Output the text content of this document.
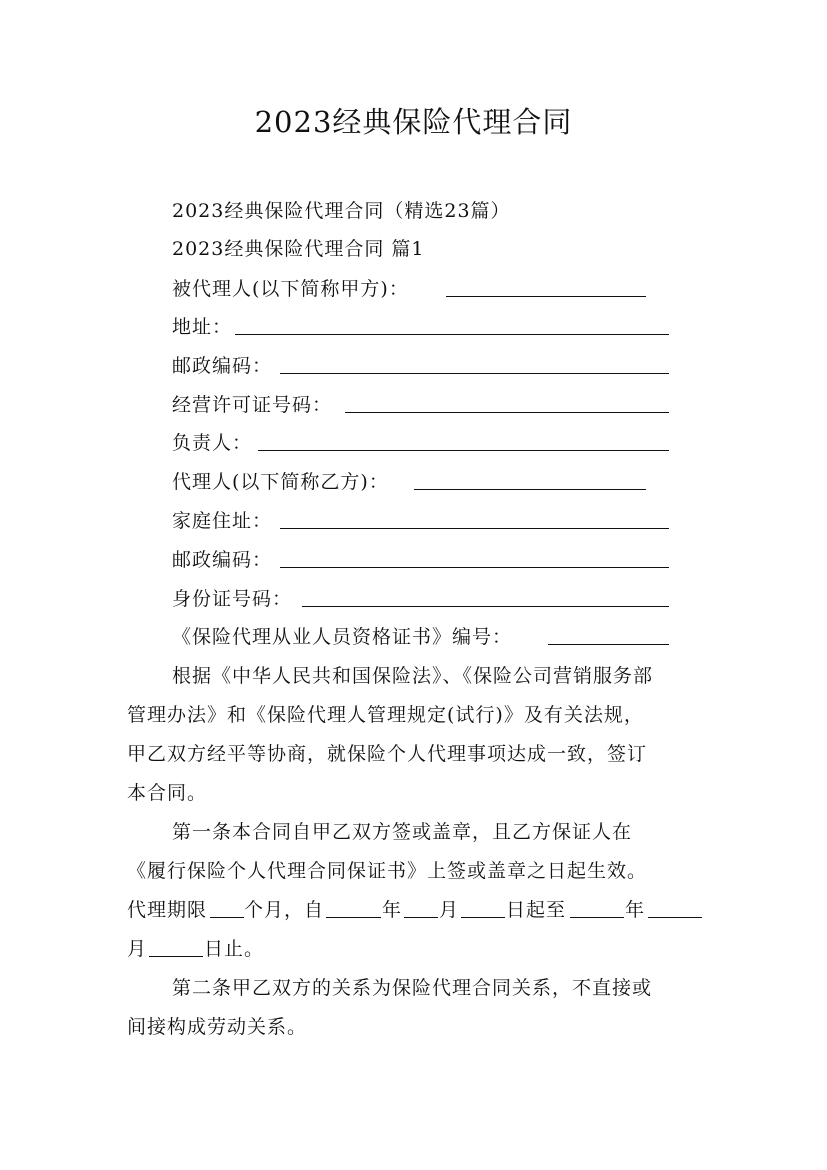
2023经典保险代理合同
2023经典保险代理合同（精选23篇）
2023经典保险代理合同 篇1
被代理人(以下简称甲方)：
地址：
邮政编码：
经营许可证号码：
负责人：
代理人(以下简称乙方)：
家庭住址：
邮政编码：
身份证号码：
《保险代理从业人员资格证书》编号：
根据《中华人民共和国保险法》、《保险公司营销服务部
管理办法》和《保险代理人管理规定(试行)》及有关法规，
甲乙双方经平等协商，就保险个人代理事项达成一致，签订
本合同。
第一条本合同自甲乙双方签或盖章，且乙方保证人在
《履行保险个人代理合同保证书》上签或盖章之日起生效。
代理期限 个月，自	年 月 日起至	年
月	日止。
第二条甲乙双方的关系为保险代理合同关系，不直接或
间接构成劳动关系。
